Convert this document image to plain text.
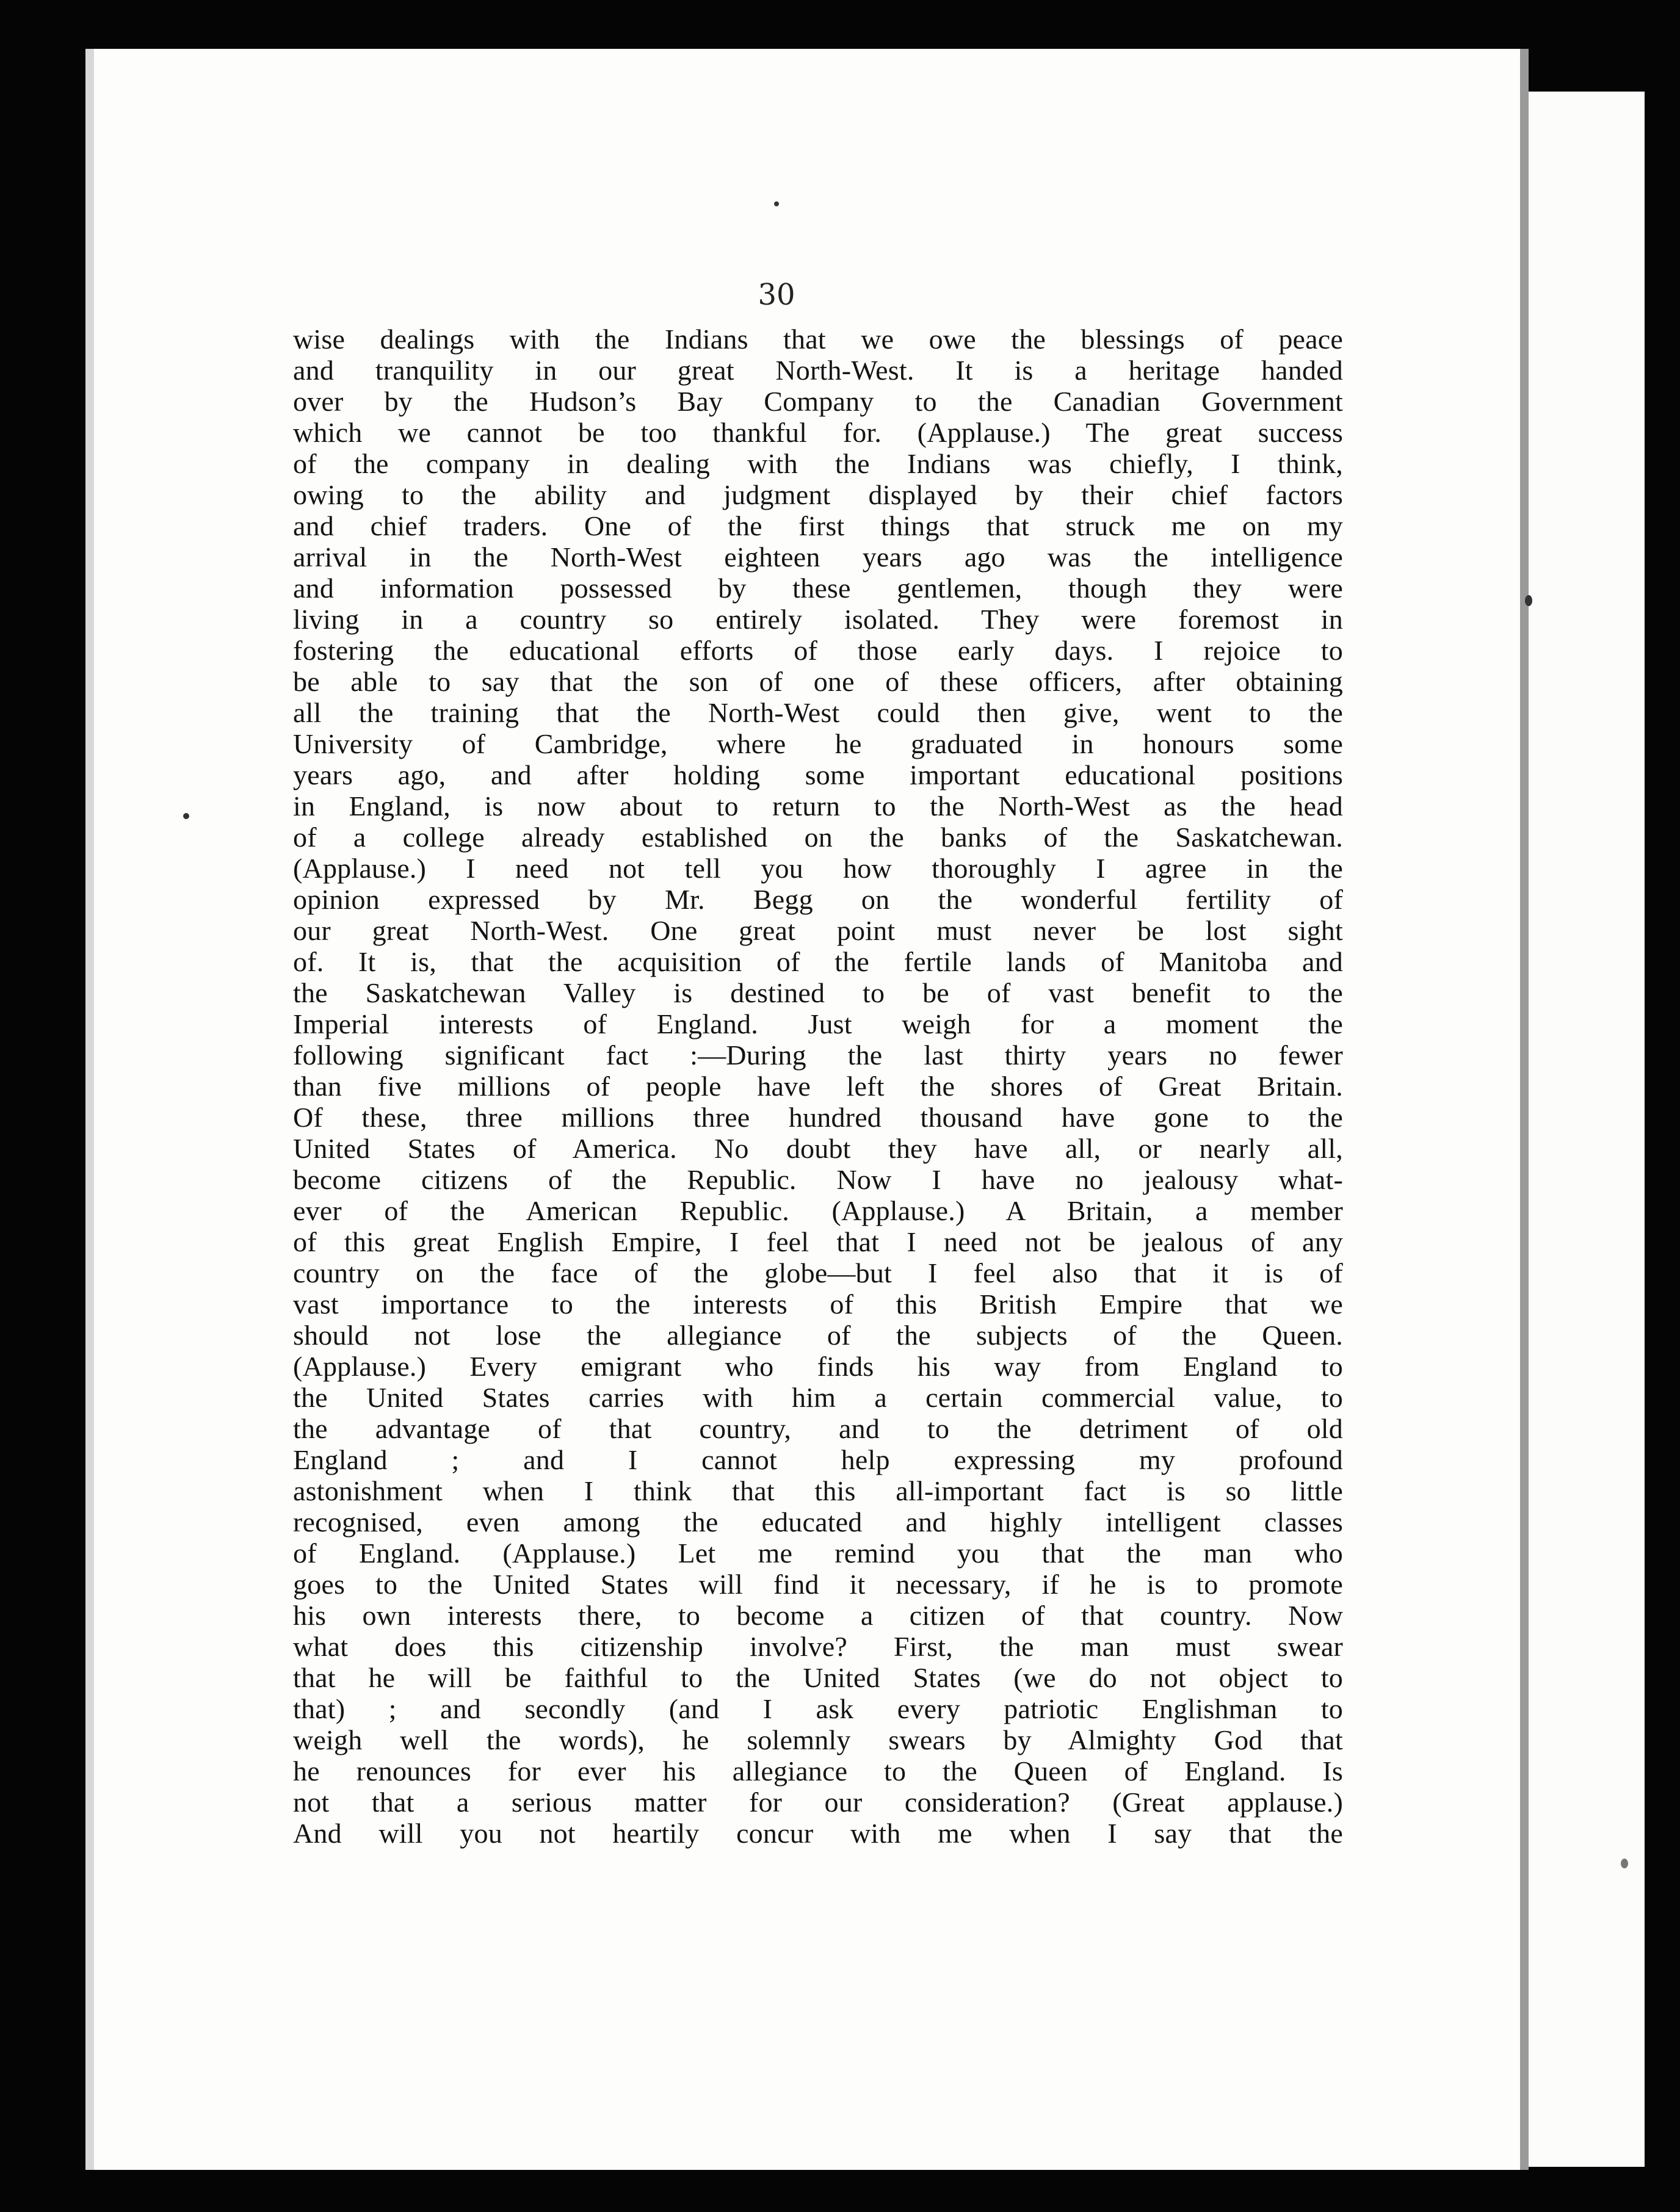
30
wise dealings with the Indians that we owe the blessings of peace
and tranquility in our great North-West. It is a heritage handed
over by the Hudson’s Bay Company to the Canadian Government
which we cannot be too thankful for. (Applause.) The great success
of the company in dealing with the Indians was chiefly, I think,
owing to the ability and judgment displayed by their chief factors
and chief traders. One of the first things that struck me on my
arrival in the North-West eighteen years ago was the intelligence
and information possessed by these gentlemen, though they were
living in a country so entirely isolated. They were foremost in
fostering the educational efforts of those early days. I rejoice to
be able to say that the son of one of these officers, after obtaining
all the training that the North-West could then give, went to the
University of Cambridge, where he graduated in honours some
years ago, and after holding some important educational positions
in England, is now about to return to the North-West as the head
of a college already established on the banks of the Saskatchewan.
(Applause.) I need not tell you how thoroughly I agree in the
opinion expressed by Mr. Begg on the wonderful fertility of
our great North-West. One great point must never be lost sight
of. It is, that the acquisition of the fertile lands of Manitoba and
the Saskatchewan Valley is destined to be of vast benefit to the
Imperial interests of England. Just weigh for a moment the
following significant fact :—During the last thirty years no fewer
than five millions of people have left the shores of Great Britain.
Of these, three millions three hundred thousand have gone to the
United States of America. No doubt they have all, or nearly all,
become citizens of the Republic. Now I have no jealousy what-
ever of the American Republic. (Applause.) A Britain, a member
of this great English Empire, I feel that I need not be jealous of any
country on the face of the globe—but I feel also that it is of
vast importance to the interests of this British Empire that we
should not lose the allegiance of the subjects of the Queen.
(Applause.) Every emigrant who finds his way from England to
the United States carries with him a certain commercial value, to
the advantage of that country, and to the detriment of old
England ; and I cannot help expressing my profound
astonishment when I think that this all-important fact is so little
recognised, even among the educated and highly intelligent classes
of England. (Applause.) Let me remind you that the man who
goes to the United States will find it necessary, if he is to promote
his own interests there, to become a citizen of that country. Now
what does this citizenship involve? First, the man must swear
that he will be faithful to the United States (we do not object to
that) ; and secondly (and I ask every patriotic Englishman to
weigh well the words), he solemnly swears by Almighty God that
he renounces for ever his allegiance to the Queen of England. Is
not that a serious matter for our consideration? (Great applause.)
And will you not heartily concur with me when I say that the
